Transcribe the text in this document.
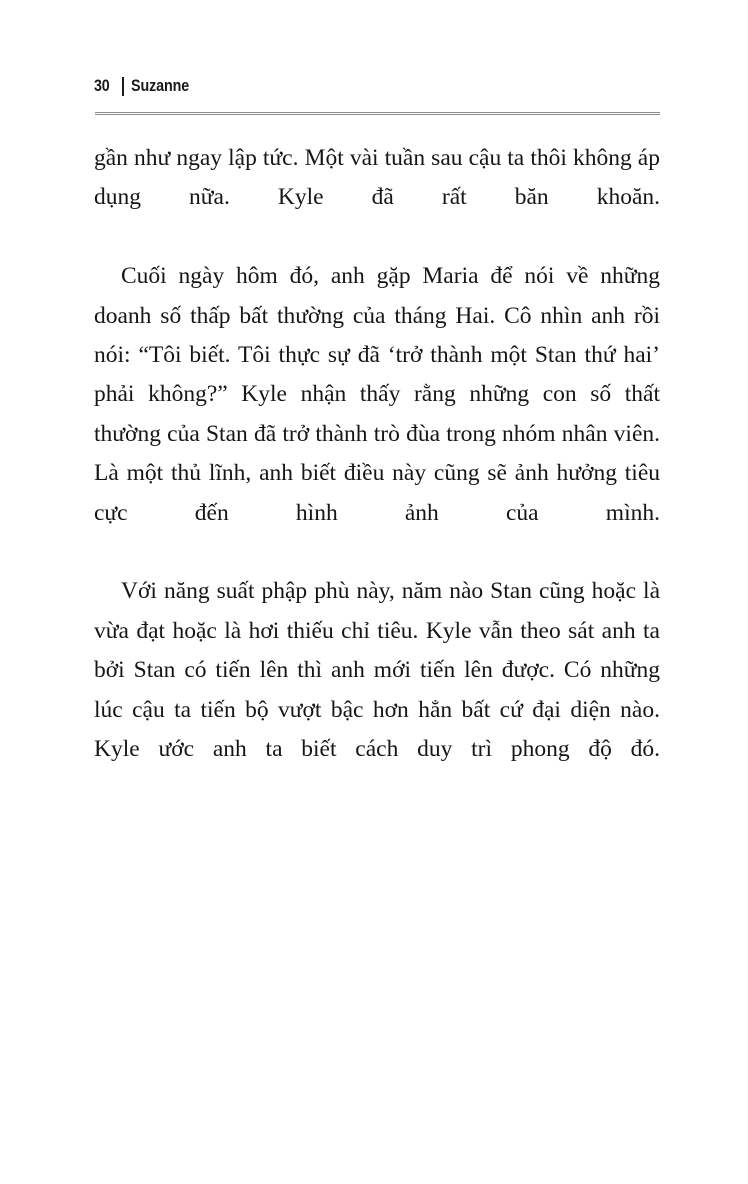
30 Suzanne

gần như ngay lập tức. Một vài tuần sau cậu ta thôi không áp dụng nữa. Kyle đã rất băn khoăn.

Cuối ngày hôm đó, anh gặp Maria để nói về những doanh số thấp bất thường của tháng Hai. Cô nhìn anh rồi nói: “Tôi biết. Tôi thực sự đã ‘trở thành một Stan thứ hai’ phải không?” Kyle nhận thấy rằng những con số thất thường của Stan đã trở thành trò đùa trong nhóm nhân viên. Là một thủ lĩnh, anh biết điều này cũng sẽ ảnh hưởng tiêu cực đến hình ảnh của mình.

Với năng suất phập phù này, năm nào Stan cũng hoặc là vừa đạt hoặc là hơi thiếu chỉ tiêu. Kyle vẫn theo sát anh ta bởi Stan có tiến lên thì anh mới tiến lên được. Có những lúc cậu ta tiến bộ vượt bậc hơn hẳn bất cứ đại diện nào. Kyle ước anh ta biết cách duy trì phong độ đó.
